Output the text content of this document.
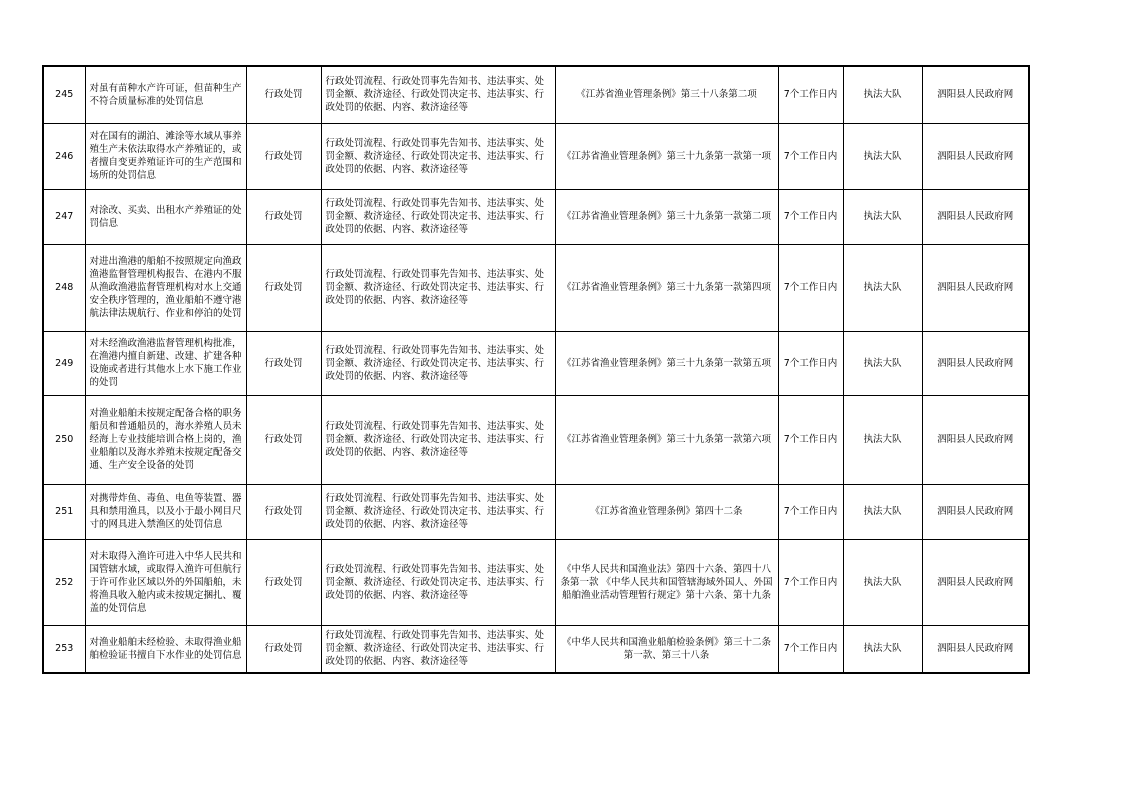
245	对虽有苗种水产许可证，但苗种生产不符合质量标准的处罚信息	行政处罚	行政处罚流程、行政处罚事先告知书、违法事实、处罚金额、救济途径、行政处罚决定书、违法事实、行政处罚的依据、内容、救济途径等	《江苏省渔业管理条例》第三十八条第二项	7个工作日内	执法大队	泗阳县人民政府网
246	对在国有的湖泊、滩涂等水域从事养殖生产未依法取得水产养殖证的，或者擅自变更养殖证许可的生产范围和场所的处罚信息	行政处罚	行政处罚流程、行政处罚事先告知书、违法事实、处罚金额、救济途径、行政处罚决定书、违法事实、行政处罚的依据、内容、救济途径等	《江苏省渔业管理条例》第三十九条第一款第一项	7个工作日内	执法大队	泗阳县人民政府网
247	对涂改、买卖、出租水产养殖证的处罚信息	行政处罚	行政处罚流程、行政处罚事先告知书、违法事实、处罚金额、救济途径、行政处罚决定书、违法事实、行政处罚的依据、内容、救济途径等	《江苏省渔业管理条例》第三十九条第一款第二项	7个工作日内	执法大队	泗阳县人民政府网
248	对进出渔港的船舶不按照规定向渔政渔港监督管理机构报告、在港内不服从渔政渔港监督管理机构对水上交通安全秩序管理的，渔业船舶不遵守港航法律法规航行、作业和停泊的处罚	行政处罚	行政处罚流程、行政处罚事先告知书、违法事实、处罚金额、救济途径、行政处罚决定书、违法事实、行政处罚的依据、内容、救济途径等	《江苏省渔业管理条例》第三十九条第一款第四项	7个工作日内	执法大队	泗阳县人民政府网
249	对未经渔政渔港监督管理机构批准，在渔港内擅自新建、改建、扩建各种设施或者进行其他水上水下施工作业的处罚	行政处罚	行政处罚流程、行政处罚事先告知书、违法事实、处罚金额、救济途径、行政处罚决定书、违法事实、行政处罚的依据、内容、救济途径等	《江苏省渔业管理条例》第三十九条第一款第五项	7个工作日内	执法大队	泗阳县人民政府网
250	对渔业船舶未按规定配备合格的职务船员和普通船员的，海水养殖人员未经海上专业技能培训合格上岗的，渔业船舶以及海水养殖未按规定配备交通、生产安全设备的处罚	行政处罚	行政处罚流程、行政处罚事先告知书、违法事实、处罚金额、救济途径、行政处罚决定书、违法事实、行政处罚的依据、内容、救济途径等	《江苏省渔业管理条例》第三十九条第一款第六项	7个工作日内	执法大队	泗阳县人民政府网
251	对携带炸鱼、毒鱼、电鱼等装置、器具和禁用渔具，以及小于最小网目尺寸的网具进入禁渔区的处罚信息	行政处罚	行政处罚流程、行政处罚事先告知书、违法事实、处罚金额、救济途径、行政处罚决定书、违法事实、行政处罚的依据、内容、救济途径等	《江苏省渔业管理条例》第四十二条	7个工作日内	执法大队	泗阳县人民政府网
252	对未取得入渔许可进入中华人民共和国管辖水域，或取得入渔许可但航行于许可作业区域以外的外国船舶，未将渔具收入舱内或未按规定捆扎、覆盖的处罚信息	行政处罚	行政处罚流程、行政处罚事先告知书、违法事实、处罚金额、救济途径、行政处罚决定书、违法事实、行政处罚的依据、内容、救济途径等	《中华人民共和国渔业法》第四十六条、第四十八条第一款 《中华人民共和国管辖海域外国人、外国船舶渔业活动管理暂行规定》第十六条、第十九条	7个工作日内	执法大队	泗阳县人民政府网
253	对渔业船舶未经检验、未取得渔业船舶检验证书擅自下水作业的处罚信息	行政处罚	行政处罚流程、行政处罚事先告知书、违法事实、处罚金额、救济途径、行政处罚决定书、违法事实、行政处罚的依据、内容、救济途径等	《中华人民共和国渔业船舶检验条例》第三十二条第一款、第三十八条	7个工作日内	执法大队	泗阳县人民政府网
